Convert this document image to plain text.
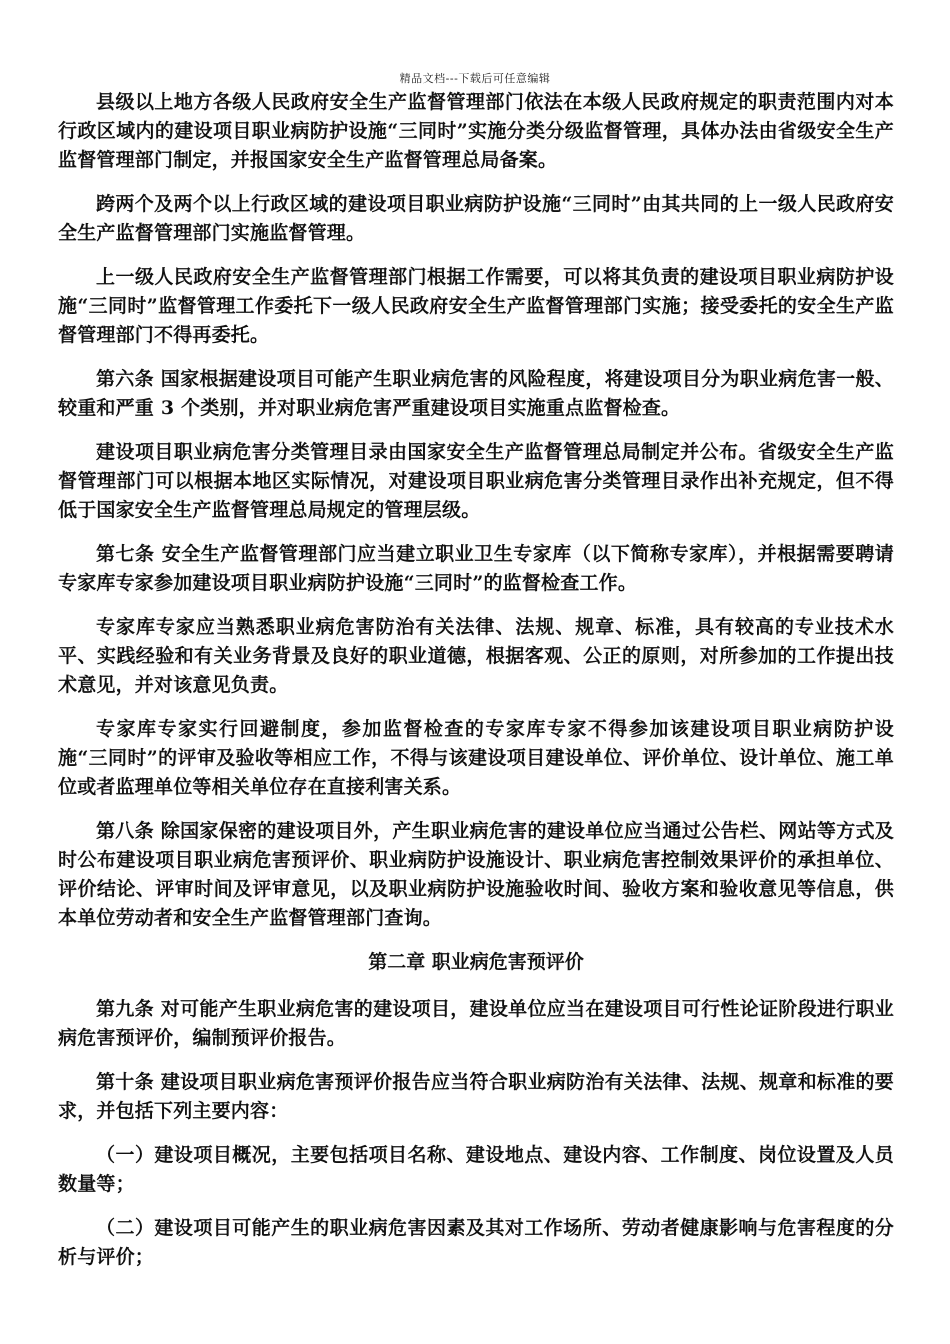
精品文档---下载后可任意编辑

县级以上地方各级人民政府安全生产监督管理部门依法在本级人民政府规定的职责范围内对本行政区域内的建设项目职业病防护设施“三同时”实施分类分级监督管理，具体办法由省级安全生产监督管理部门制定，并报国家安全生产监督管理总局备案。

跨两个及两个以上行政区域的建设项目职业病防护设施“三同时”由其共同的上一级人民政府安全生产监督管理部门实施监督管理。

上一级人民政府安全生产监督管理部门根据工作需要，可以将其负责的建设项目职业病防护设施“三同时”监督管理工作委托下一级人民政府安全生产监督管理部门实施；接受委托的安全生产监督管理部门不得再委托。

第六条 国家根据建设项目可能产生职业病危害的风险程度，将建设项目分为职业病危害一般、较重和严重 3 个类别，并对职业病危害严重建设项目实施重点监督检查。

建设项目职业病危害分类管理目录由国家安全生产监督管理总局制定并公布。省级安全生产监督管理部门可以根据本地区实际情况，对建设项目职业病危害分类管理目录作出补充规定，但不得低于国家安全生产监督管理总局规定的管理层级。

第七条 安全生产监督管理部门应当建立职业卫生专家库（以下简称专家库），并根据需要聘请专家库专家参加建设项目职业病防护设施“三同时”的监督检查工作。

专家库专家应当熟悉职业病危害防治有关法律、法规、规章、标准，具有较高的专业技术水平、实践经验和有关业务背景及良好的职业道德，根据客观、公正的原则，对所参加的工作提出技术意见，并对该意见负责。

专家库专家实行回避制度，参加监督检查的专家库专家不得参加该建设项目职业病防护设施“三同时”的评审及验收等相应工作，不得与该建设项目建设单位、评价单位、设计单位、施工单位或者监理单位等相关单位存在直接利害关系。

第八条 除国家保密的建设项目外，产生职业病危害的建设单位应当通过公告栏、网站等方式及时公布建设项目职业病危害预评价、职业病防护设施设计、职业病危害控制效果评价的承担单位、评价结论、评审时间及评审意见，以及职业病防护设施验收时间、验收方案和验收意见等信息，供本单位劳动者和安全生产监督管理部门查询。

第二章 职业病危害预评价

第九条 对可能产生职业病危害的建设项目，建设单位应当在建设项目可行性论证阶段进行职业病危害预评价，编制预评价报告。

第十条 建设项目职业病危害预评价报告应当符合职业病防治有关法律、法规、规章和标准的要求，并包括下列主要内容：

（一）建设项目概况，主要包括项目名称、建设地点、建设内容、工作制度、岗位设置及人员数量等；

（二）建设项目可能产生的职业病危害因素及其对工作场所、劳动者健康影响与危害程度的分析与评价；
